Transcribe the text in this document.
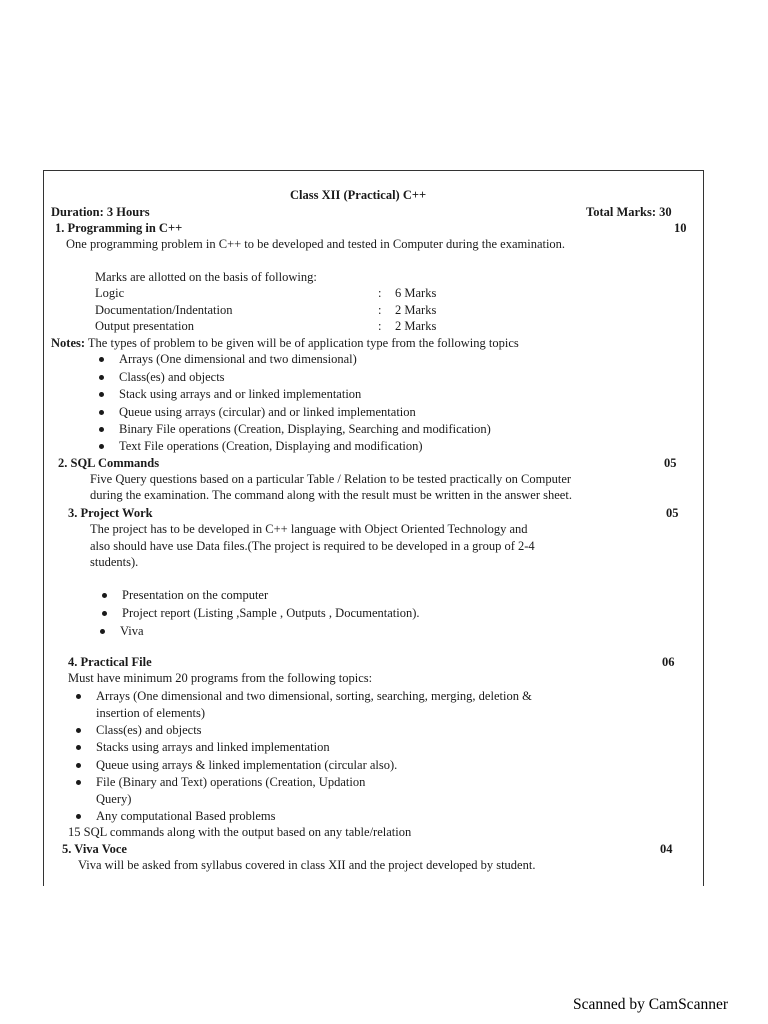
Class XII (Practical) C++
Duration: 3 Hours	Total Marks: 30
1. Programming in C++	10
One programming problem in C++ to be developed and tested in Computer during the examination.
Marks are allotted on the basis of following:
Logic	: 6 Marks
Documentation/Indentation	: 2 Marks
Output presentation	: 2 Marks
Notes: The types of problem to be given will be of application type from the following topics
Arrays (One dimensional and two dimensional)
Class(es) and objects
Stack using arrays and or linked implementation
Queue using arrays (circular) and or linked implementation
Binary File operations (Creation, Displaying, Searching and modification)
Text File operations (Creation, Displaying and modification)
2. SQL Commands	05
Five Query questions based on a particular Table / Relation to be tested practically on Computer
during the examination. The command along with the result must be written in the answer sheet.
3. Project Work	05
The project has to be developed in C++ language with Object Oriented Technology and
also should have use Data files.(The project is required to be developed in a group of 2-4
students).
Presentation on the computer
Project report (Listing ,Sample , Outputs , Documentation).
Viva
4. Practical File	06
Must have minimum 20 programs from the following topics:
Arrays (One dimensional and two dimensional, sorting, searching, merging, deletion &
insertion of elements)
Class(es) and objects
Stacks using arrays and linked implementation
Queue using arrays & linked implementation (circular also).
File (Binary and Text) operations (Creation, Updation
Query)
Any computational Based problems
15 SQL commands along with the output based on any table/relation
5. Viva Voce	04
Viva will be asked from syllabus covered in class XII and the project developed by student.
Scanned by CamScanner
